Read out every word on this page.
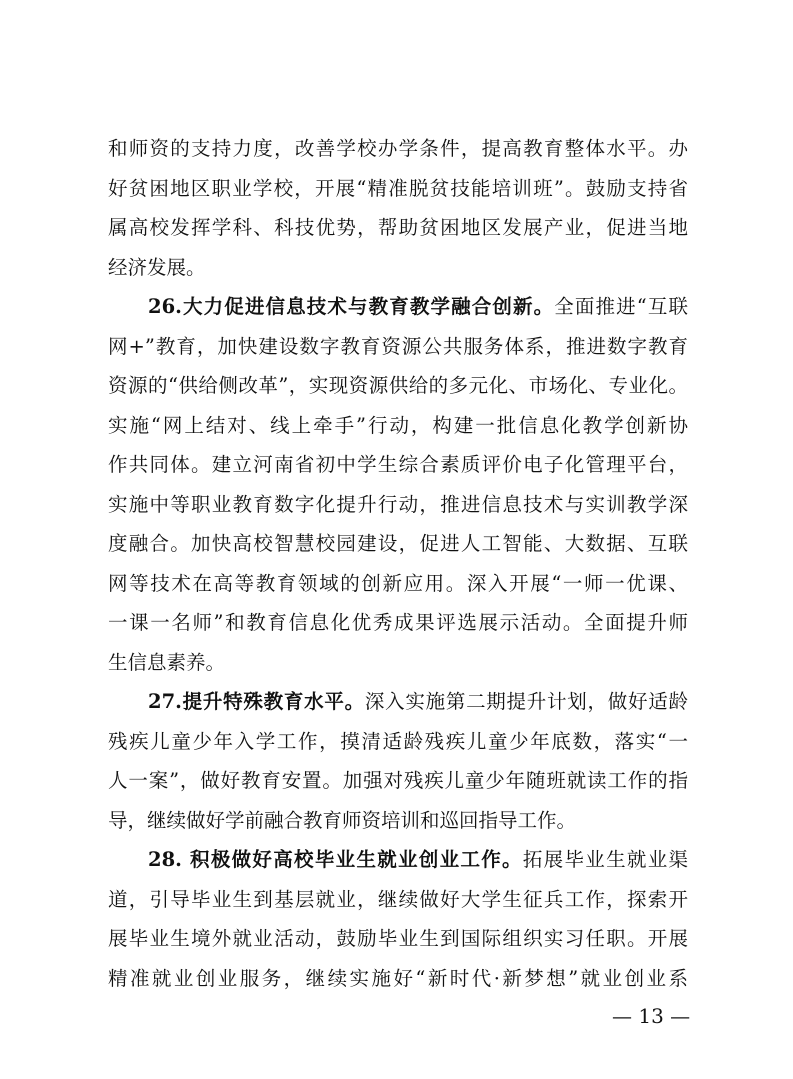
和师资的支持力度，改善学校办学条件，提高教育整体水平。办
好贫困地区职业学校，开展“精准脱贫技能培训班”。鼓励支持省
属高校发挥学科、科技优势，帮助贫困地区发展产业，促进当地
经济发展。
26.大力促进信息技术与教育教学融合创新。全面推进“互联
网+”教育，加快建设数字教育资源公共服务体系，推进数字教育
资源的“供给侧改革”，实现资源供给的多元化、市场化、专业化。
实施“网上结对、线上牵手”行动，构建一批信息化教学创新协
作共同体。建立河南省初中学生综合素质评价电子化管理平台，
实施中等职业教育数字化提升行动，推进信息技术与实训教学深
度融合。加快高校智慧校园建设，促进人工智能、大数据、互联
网等技术在高等教育领域的创新应用。深入开展“一师一优课、
一课一名师”和教育信息化优秀成果评选展示活动。全面提升师
生信息素养。
27.提升特殊教育水平。深入实施第二期提升计划，做好适龄
残疾儿童少年入学工作，摸清适龄残疾儿童少年底数，落实“一
人一案”，做好教育安置。加强对残疾儿童少年随班就读工作的指
导，继续做好学前融合教育师资培训和巡回指导工作。
28. 积极做好高校毕业生就业创业工作。拓展毕业生就业渠
道，引导毕业生到基层就业，继续做好大学生征兵工作，探索开
展毕业生境外就业活动，鼓励毕业生到国际组织实习任职。开展
精准就业创业服务，继续实施好“新时代·新梦想”就业创业系
— 13 —
